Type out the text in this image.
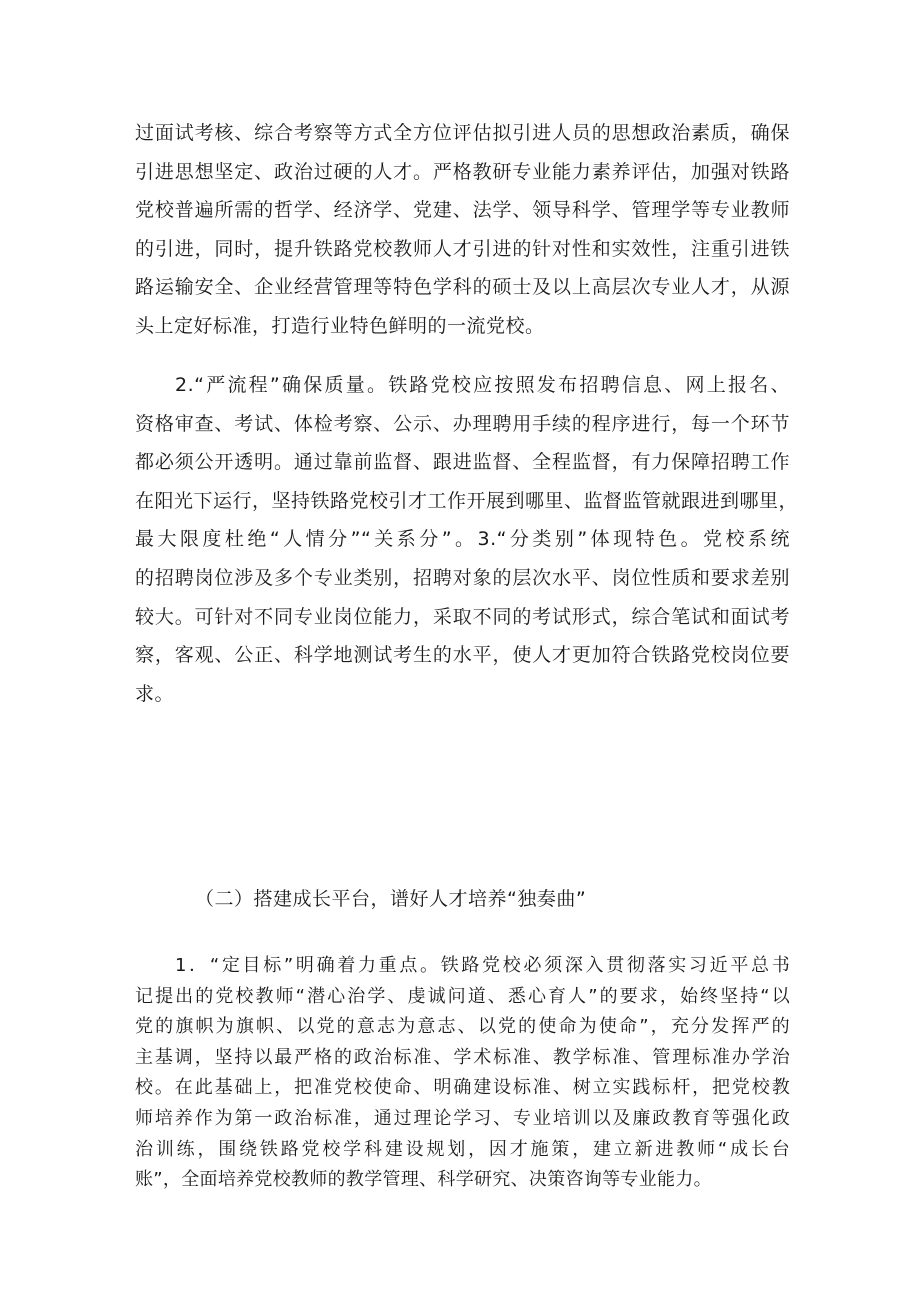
过面试考核、综合考察等方式全方位评估拟引进人员的思想政治素质，确保
引进思想坚定、政治过硬的人才。严格教研专业能力素养评估，加强对铁路
党校普遍所需的哲学、经济学、党建、法学、领导科学、管理学等专业教师
的引进，同时，提升铁路党校教师人才引进的针对性和实效性，注重引进铁
路运输安全、企业经营管理等特色学科的硕士及以上高层次专业人才，从源
头上定好标准，打造行业特色鲜明的一流党校。
2.“严流程”确保质量。铁路党校应按照发布招聘信息、网上报名、
资格审查、考试、体检考察、公示、办理聘用手续的程序进行，每一个环节
都必须公开透明。通过靠前监督、跟进监督、全程监督，有力保障招聘工作
在阳光下运行，坚持铁路党校引才工作开展到哪里、监督监管就跟进到哪里，
最大限度杜绝“人情分”“关系分”。3.“分类别”体现特色。党校系统
的招聘岗位涉及多个专业类别，招聘对象的层次水平、岗位性质和要求差别
较大。可针对不同专业岗位能力，采取不同的考试形式，综合笔试和面试考
察，客观、公正、科学地测试考生的水平，使人才更加符合铁路党校岗位要
求。
（二）搭建成长平台，谱好人才培养“独奏曲”
1．“定目标”明确着力重点。铁路党校必须深入贯彻落实习近平总书
记提出的党校教师“潜心治学、虔诚问道、悉心育人”的要求，始终坚持“以
党的旗帜为旗帜、以党的意志为意志、以党的使命为使命”，充分发挥严的
主基调，坚持以最严格的政治标准、学术标准、教学标准、管理标准办学治
校。在此基础上，把准党校使命、明确建设标准、树立实践标杆，把党校教
师培养作为第一政治标准，通过理论学习、专业培训以及廉政教育等强化政
治训练，围绕铁路党校学科建设规划，因才施策，建立新进教师“成长台
账”，全面培养党校教师的教学管理、科学研究、决策咨询等专业能力。
